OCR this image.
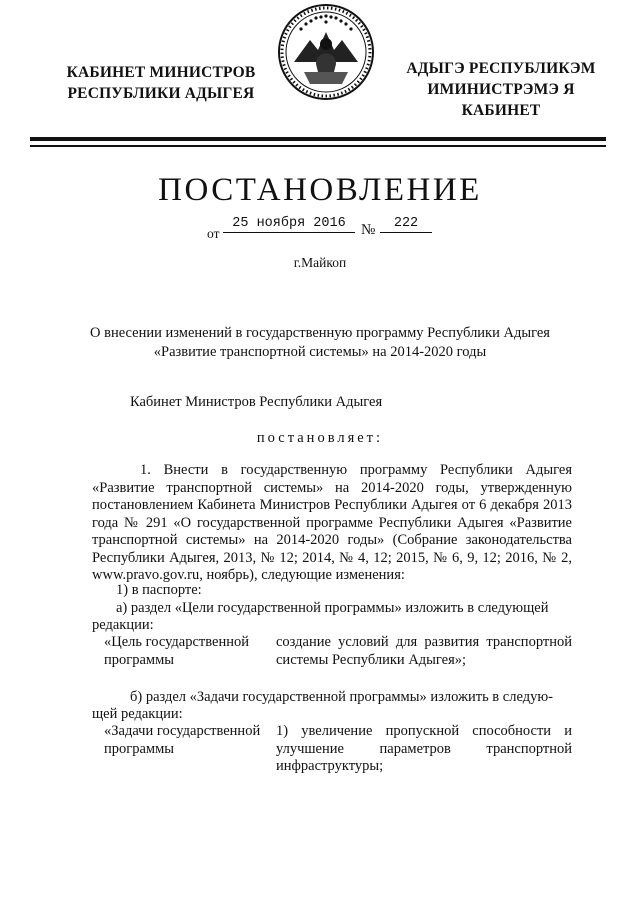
КАБИНЕТ МИНИСТРОВ
РЕСПУБЛИКИ АДЫГЕЯ
АДЫГЭ РЕСПУБЛИКЭМ
ИМИНИСТРЭМЭ Я КАБИНЕТ
ПОСТАНОВЛЕНИЕ
от
25 ноября 2016	№	222
г.Майкоп
О внесении изменений в государственную программу Республики Адыгея
«Развитие транспортной системы» на 2014-2020 годы
Кабинет Министров Республики Адыгея
постановляет:
1. Внести в государственную программу Республики Адыгея «Развитие транспортной системы» на 2014-2020 годы, утвержденную постановлением Кабинета Министров Республики Адыгея от 6 декабря 2013 года № 291 «О государственной программе Республики Адыгея «Развитие транспортной системы» на 2014-2020 годы» (Собрание законодательства Республики Адыгея, 2013, № 12; 2014, № 4, 12; 2015, № 6, 9, 12; 2016, № 2, www.pravo.gov.ru, ноябрь), следующие изменения:
1) в паспорте:
а) раздел «Цели государственной программы» изложить в следующей
редакции:
«Цель государственной программы
создание условий для развития транспортной системы Республики Адыгея»;
б) раздел «Задачи государственной программы» изложить в следую-
щей редакции:
«Задачи государственной программы
1) увеличение пропускной способности и улучшение параметров транспортной инфраструктуры;
